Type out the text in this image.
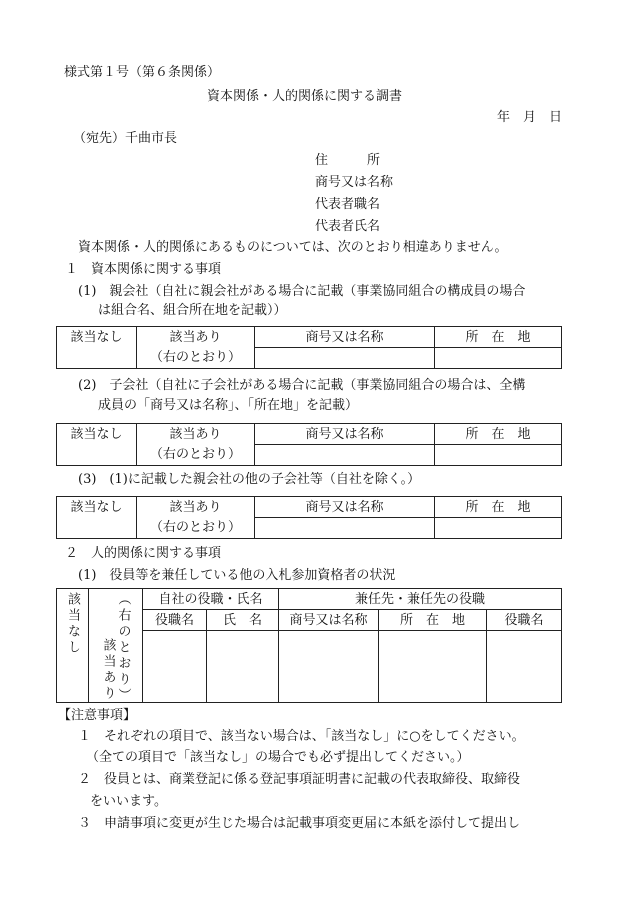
様式第１号（第６条関係）
資本関係・人的関係に関する調書
年　月　日
（宛先）千曲市長
住　　　所
商号又は名称
代表者職名
代表者氏名
資本関係・人的関係にあるものについては、次のとおり相違ありません。
１　資本関係に関する事項
(1)　親会社（自社に親会社がある場合に記載（事業協同組合の構成員の場合
は組合名、組合所在地を記載））
該当なし	該当あり	商号又は名称	所　在　地
	（右のとおり）		
(2)　子会社（自社に子会社がある場合に記載（事業協同組合の場合は、全構
成員の「商号又は名称」、「所在地」を記載）
該当なし	該当あり	商号又は名称	所　在　地
	（右のとおり）		
(3)　(1)に記載した親会社の他の子会社等（自社を除く。）
該当なし	該当あり	商号又は名称	所　在　地
	（右のとおり）		
２　人的関係に関する事項
(1)　役員等を兼任している他の入札参加資格者の状況
該当なし	該当あり（右のとおり）	自社の役職・氏名		兼任先・兼任先の役職		
		役職名	氏　名	商号又は名称	所　在　地	役職名

【注意事項】
１　それぞれの項目で、該当ない場合は、「該当なし」に○をしてください。
（全ての項目で「該当なし」の場合でも必ず提出してください。）
２　役員とは、商業登記に係る登記事項証明書に記載の代表取締役、取締役
をいいます。
３　申請事項に変更が生じた場合は記載事項変更届に本紙を添付して提出し
